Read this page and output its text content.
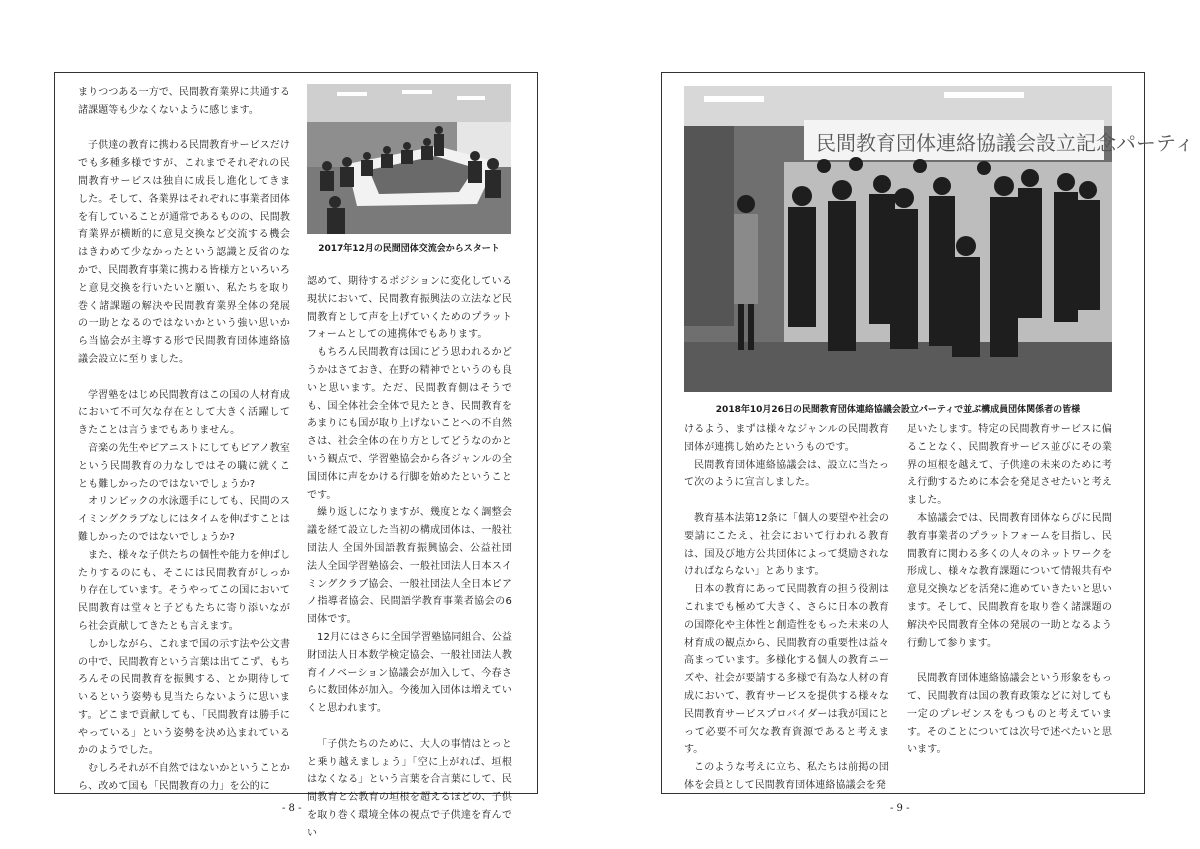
まりつつある一方で、民間教育業界に共通する諸課題等も少なくないように感じます。

子供達の教育に携わる民間教育サービスだけでも多種多様ですが、これまでそれぞれの民間教育サービスは独自に成長し進化してきました。そして、各業界はそれぞれに事業者団体を有していることが通常であるものの、民間教育業界が横断的に意見交換など交流する機会はきわめて少なかったという認識と反省のなかで、民間教育事業に携わる皆様方といろいろと意見交換を行いたいと願い、私たちを取り巻く諸課題の解決や民間教育業界全体の発展の一助となるのではないかという強い思いから当協会が主導する形で民間教育団体連絡協議会設立に至りました。

学習塾をはじめ民間教育はこの国の人材育成において不可欠な存在として大きく活躍してきたことは言うまでもありません。

音楽の先生やピアニストにしてもピアノ教室という民間教育の力なしではその職に就くことも難しかったのではないでしょうか?

オリンピックの水泳選手にしても、民間のスイミングクラブなしにはタイムを伸ばすことは難しかったのではないでしょうか?

また、様々な子供たちの個性や能力を伸ばしたりするのにも、そこには民間教育がしっかり存在しています。そうやってこの国において民間教育は堂々と子どもたちに寄り添いながら社会貢献してきたとも言えます。

しかしながら、これまで国の示す法や公文書の中で、民間教育という言葉は出てこず、もちろんその民間教育を振興する、とか期待しているという姿勢も見当たらないように思います。どこまで貢献しても、「民間教育は勝手にやっている」という姿勢を決め込まれているかのようでした。

むしろそれが不自然ではないかということから、改めて国も「民間教育の力」を公的に

2017年12月の民間団体交流会からスタート

認めて、期待するポジションに変化している現状において、民間教育振興法の立法など民間教育として声を上げていくためのプラットフォームとしての連携体でもあります。

もちろん民間教育は国にどう思われるかどうかはさておき、在野の精神でというのも良いと思います。ただ、民間教育側はそうでも、国全体社会全体で見たとき、民間教育をあまりにも国が取り上げないことへの不自然さは、社会全体の在り方としてどうなのかという観点で、学習塾協会から各ジャンルの全国団体に声をかける行脚を始めたということです。

繰り返しになりますが、幾度となく調整会議を経て設立した当初の構成団体は、一般社団法人 全国外国語教育振興協会、公益社団法人全国学習塾協会、一般社団法人日本スイミングクラブ協会、一般社団法人全日本ピアノ指導者協会、民間語学教育事業者協会の6団体です。

12月にはさらに全国学習塾協同組合、公益財団法人日本数学検定協会、一般社団法人教育イノベーション協議会が加入して、今春さらに数団体が加入。今後加入団体は増えていくと思われます。

「子供たちのために、大人の事情はとっとと乗り越えましょう」「空に上がれば、垣根はなくなる」という言葉を合言葉にして、民間教育と公教育の垣根を超えるほどの、子供を取り巻く環境全体の視点で子供達を育んでい

- 8 -
民間教育団体連絡協議会設立記念パーティ
2018年10月26日の民間教育団体連絡協議会設立パーティで並ぶ構成員団体関係者の皆様

けるよう、まずは様々なジャンルの民間教育団体が連携し始めたというものです。

民間教育団体連絡協議会は、設立に当たって次のように宣言しました。

教育基本法第12条に「個人の要望や社会の要請にこたえ、社会において行われる教育は、国及び地方公共団体によって奨励されなければならない」とあります。

日本の教育にあって民間教育の担う役割はこれまでも極めて大きく、さらに日本の教育の国際化や主体性と創造性をもった未来の人材育成の観点から、民間教育の重要性は益々高まっています。多様化する個人の教育ニーズや、社会が要請する多様で有為な人材の育成において、教育サービスを提供する様々な民間教育サービスプロバイダーは我が国にとって必要不可欠な教育資源であると考えます。

このような考えに立ち、私たちは前掲の団体を会員として民間教育団体連絡協議会を発

足いたします。特定の民間教育サービスに偏ることなく、民間教育サービス並びにその業界の垣根を越えて、子供達の未来のために考え行動するために本会を発足させたいと考えました。

本協議会では、民間教育団体ならびに民間教育事業者のプラットフォームを目指し、民間教育に関わる多くの人々のネットワークを形成し、様々な教育課題について情報共有や意見交換などを活発に進めていきたいと思います。そして、民間教育を取り巻く諸課題の解決や民間教育全体の発展の一助となるよう行動して参ります。

民間教育団体連絡協議会という形象をもって、民間教育は国の教育政策などに対しても一定のプレゼンスをもつものと考えています。そのことについては次号で述べたいと思います。

- 9 -
